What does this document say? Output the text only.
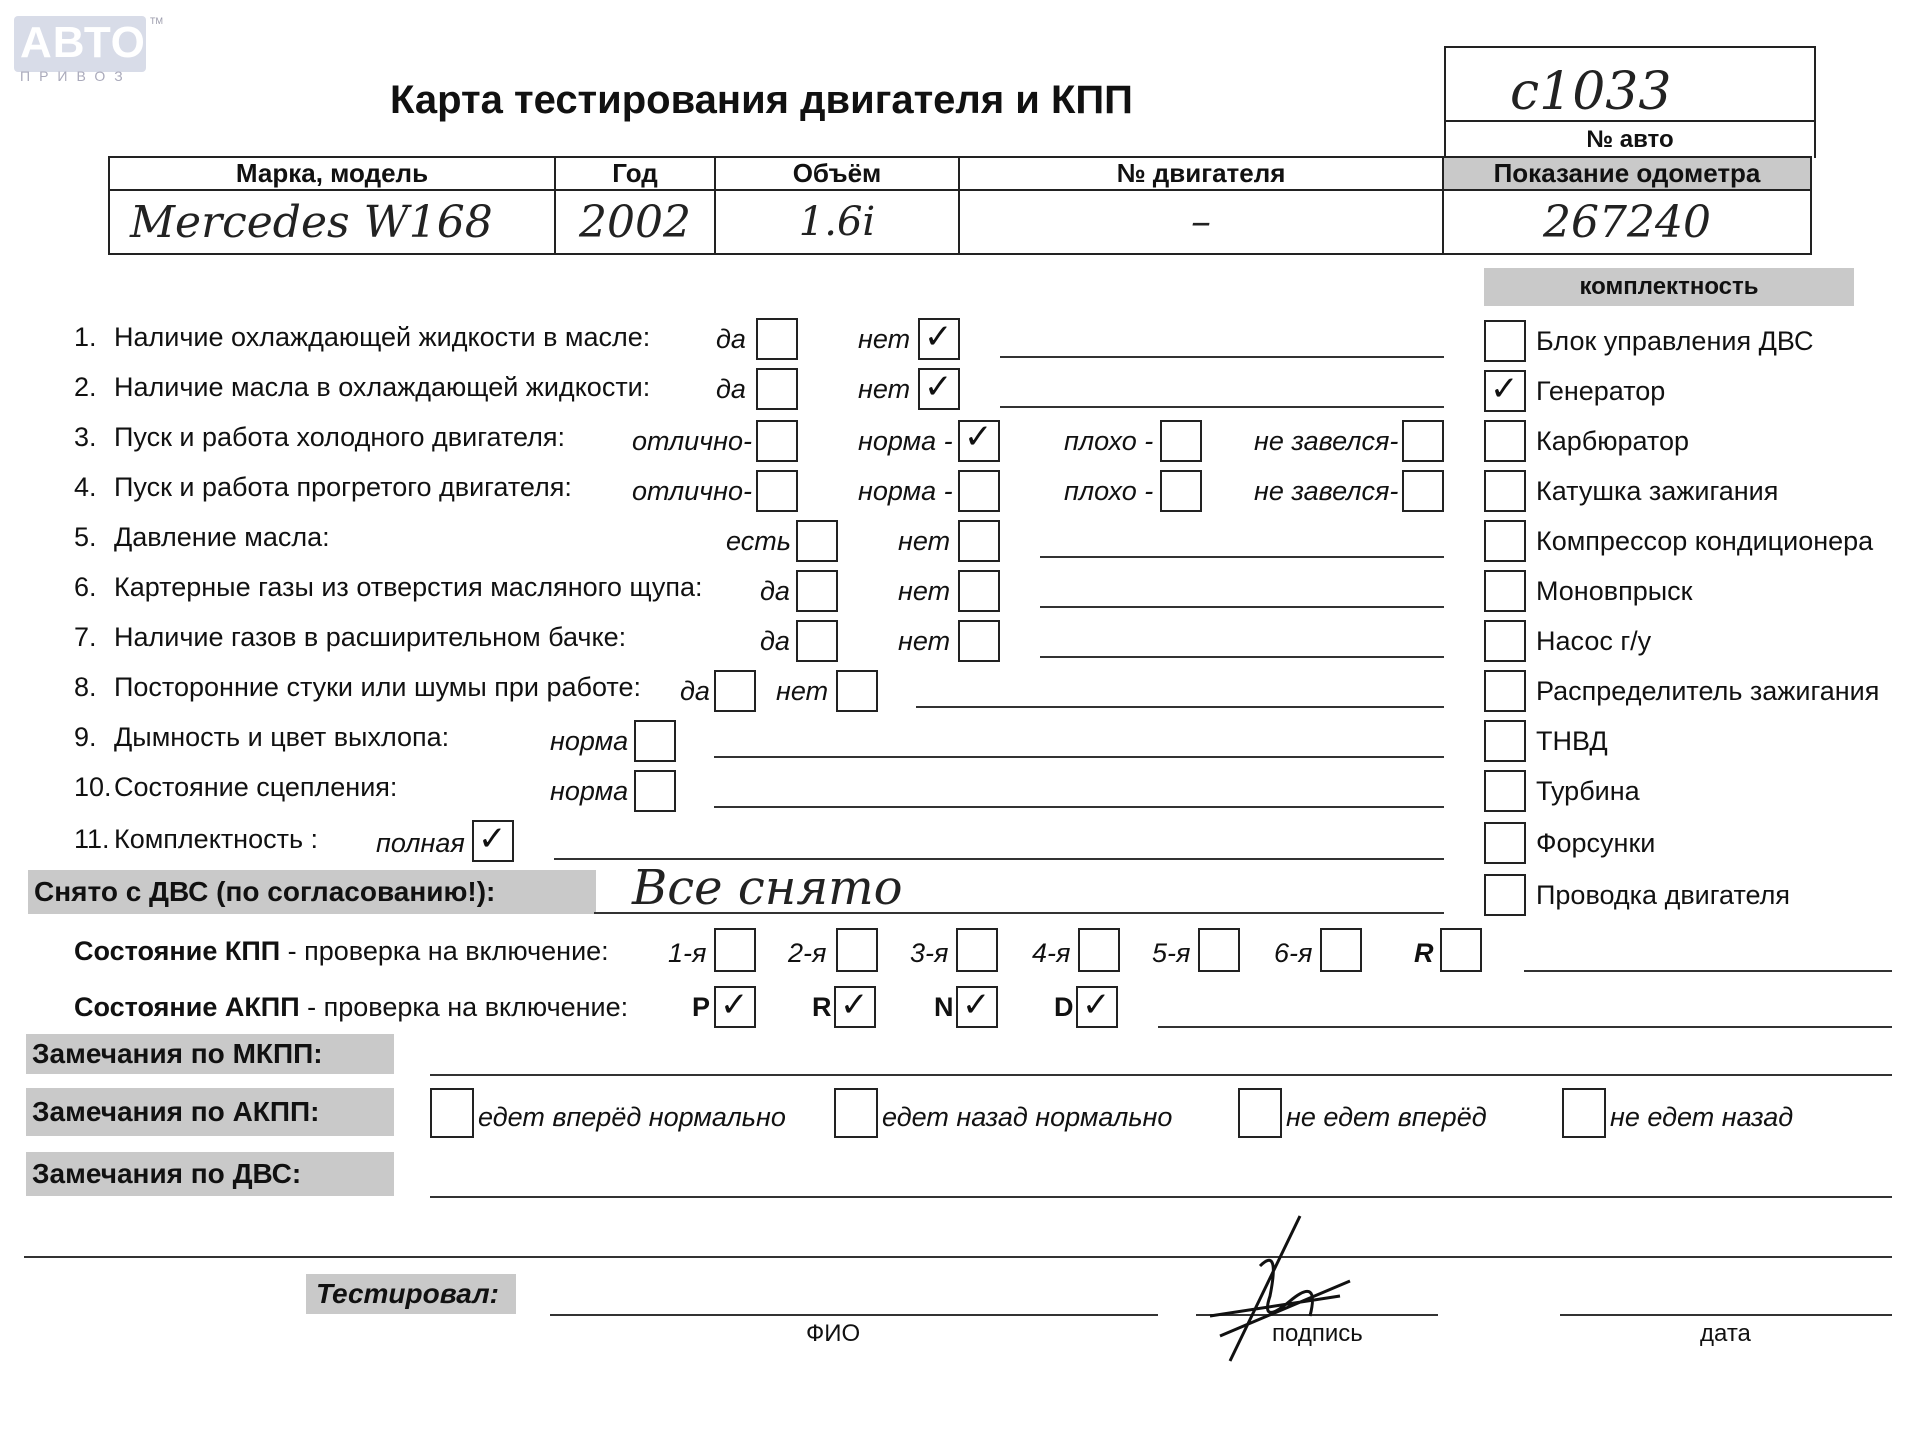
АВТО TM
ПРИВОЗ
Карта тестирования двигателя и КПП	с1033
№ авто
Марка, модель	Год	Объём	№ двигателя	Показание одометра
Mercedes W168	2002	1.6i	–	267240
комплектность
Блок управления ДВС
✓ Генератор
Карбюратор
Катушка зажигания
Компрессор кондиционера
Моновпрыск
Насос г/у
Распределитель зажигания
ТНВД
Турбина
Форсунки
Проводка двигателя
1. Наличие охлаждающей жидкости в масле: да	нет ✓
2. Наличие масла в охлаждающей жидкости: да	нет ✓
3. Пуск и работа холодного двигателя: отлично-	норма - ✓	плохо -	не завелся-
4. Пуск и работа прогретого двигателя: отлично-	норма -	плохо -	не завелся-
5. Давление масла:	есть	нет
6. Картерные газы из отверстия масляного щупа: да	нет
7. Наличие газов в расширительном бачке:	да	нет
8. Посторонние стуки или шумы при работе: да нет
9. Дымность и цвет выхлопа:	норма
10. Состояние сцепления:	норма
11. Комплектность : полная ✓
Снято с ДВС (по согласованию!):	Все снято
Состояние КПП - проверка на включение: 1-я	2-я	3-я	4-я	5-я	6-я	R
Состояние АКПП - проверка на включение: P ✓ R ✓ N ✓ D ✓
Замечания по МКПП:
Замечания по АКПП:	едет вперёд нормально	едет назад нормально	не едет вперёд	не едет назад
Замечания по ДВС:
Тестировал:
ФИО	подпись	дата
